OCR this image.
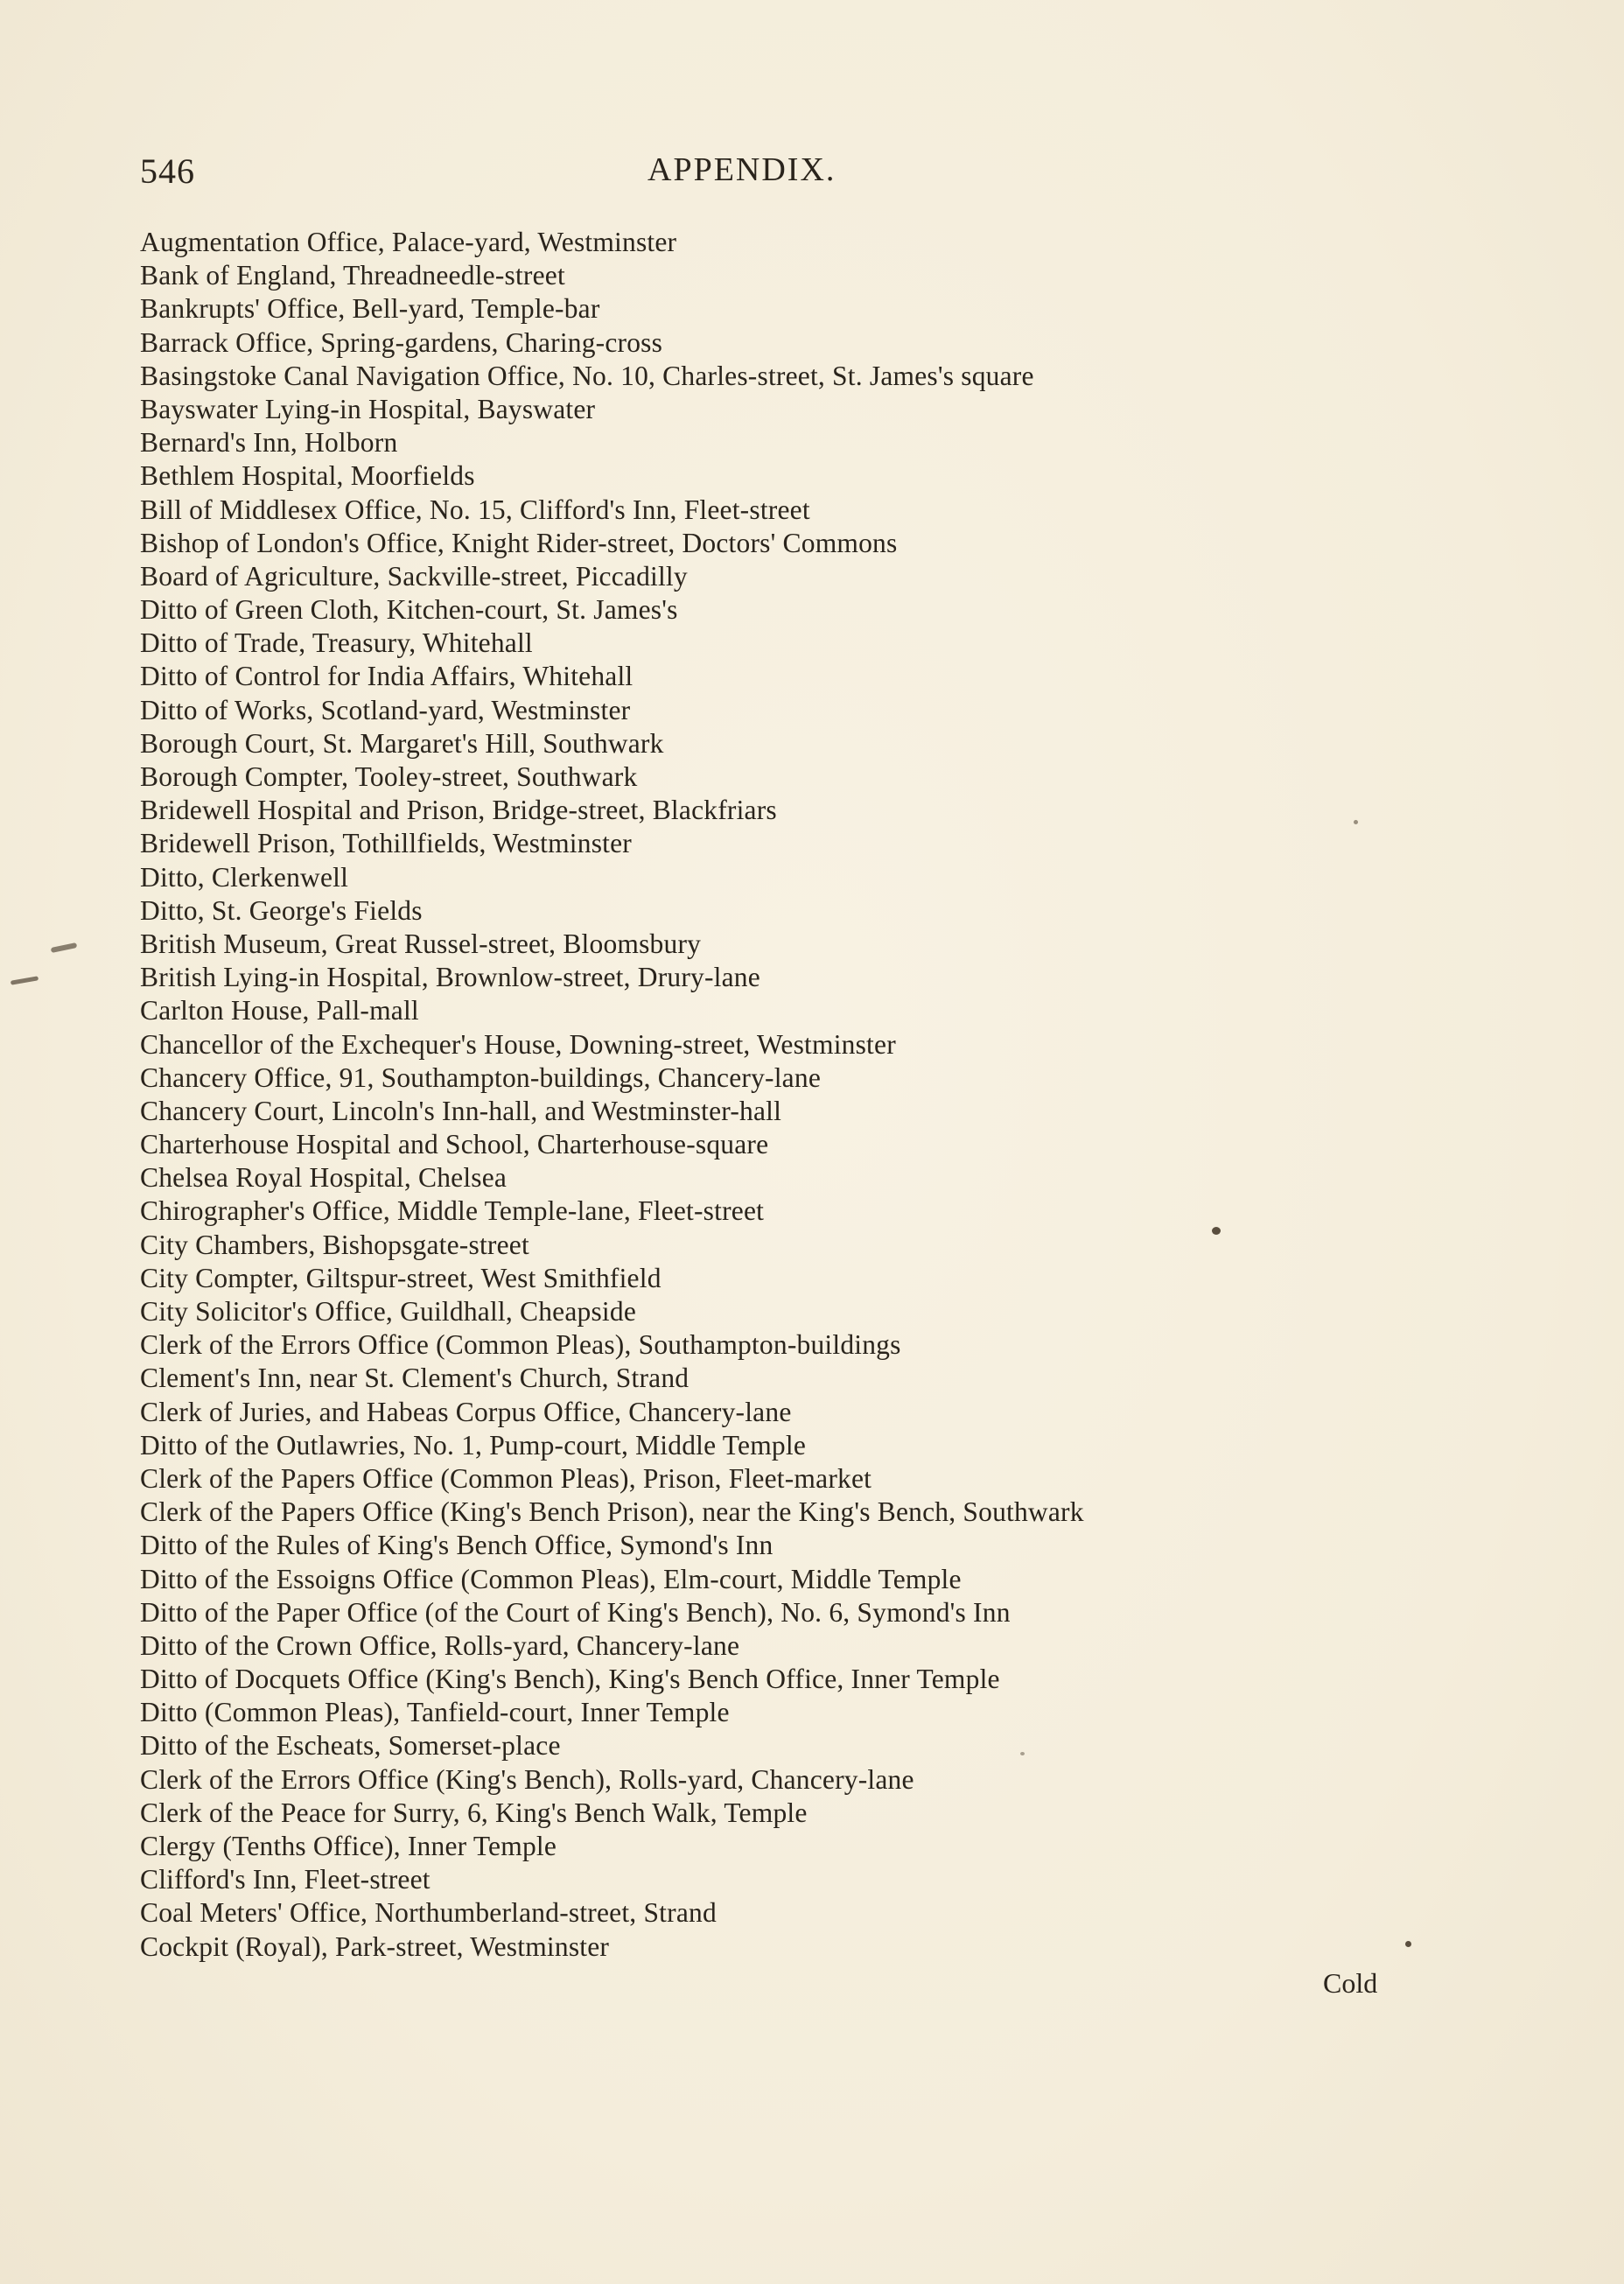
546	APPENDIX.
Augmentation Office, Palace-yard, Westminster
Bank of England, Threadneedle-street
Bankrupts' Office, Bell-yard, Temple-bar
Barrack Office, Spring-gardens, Charing-cross
Basingstoke Canal Navigation Office, No. 10, Charles-street, St. James's square
Bayswater Lying-in Hospital, Bayswater
Bernard's Inn, Holborn
Bethlem Hospital, Moorfields
Bill of Middlesex Office, No. 15, Clifford's Inn, Fleet-street
Bishop of London's Office, Knight Rider-street, Doctors' Commons
Board of Agriculture, Sackville-street, Piccadilly
Ditto of Green Cloth, Kitchen-court, St. James's
Ditto of Trade, Treasury, Whitehall
Ditto of Control for India Affairs, Whitehall
Ditto of Works, Scotland-yard, Westminster
Borough Court, St. Margaret's Hill, Southwark
Borough Compter, Tooley-street, Southwark
Bridewell Hospital and Prison, Bridge-street, Blackfriars
Bridewell Prison, Tothillfields, Westminster
Ditto, Clerkenwell
Ditto, St. George's Fields
British Museum, Great Russel-street, Bloomsbury
British Lying-in Hospital, Brownlow-street, Drury-lane
Carlton House, Pall-mall
Chancellor of the Exchequer's House, Downing-street, Westminster
Chancery Office, 91, Southampton-buildings, Chancery-lane
Chancery Court, Lincoln's Inn-hall, and Westminster-hall
Charterhouse Hospital and School, Charterhouse-square
Chelsea Royal Hospital, Chelsea
Chirographer's Office, Middle Temple-lane, Fleet-street
City Chambers, Bishopsgate-street
City Compter, Giltspur-street, West Smithfield
City Solicitor's Office, Guildhall, Cheapside
Clerk of the Errors Office (Common Pleas), Southampton-buildings
Clement's Inn, near St. Clement's Church, Strand
Clerk of Juries, and Habeas Corpus Office, Chancery-lane
Ditto of the Outlawries, No. 1, Pump-court, Middle Temple
Clerk of the Papers Office (Common Pleas), Prison, Fleet-market
Clerk of the Papers Office (King's Bench Prison), near the King's Bench, Southwark
Ditto of the Rules of King's Bench Office, Symond's Inn
Ditto of the Essoigns Office (Common Pleas), Elm-court, Middle Temple
Ditto of the Paper Office (of the Court of King's Bench), No. 6, Symond's Inn
Ditto of the Crown Office, Rolls-yard, Chancery-lane
Ditto of Docquets Office (King's Bench), King's Bench Office, Inner Temple
Ditto (Common Pleas), Tanfield-court, Inner Temple
Ditto of the Escheats, Somerset-place
Clerk of the Errors Office (King's Bench), Rolls-yard, Chancery-lane
Clerk of the Peace for Surry, 6, King's Bench Walk, Temple
Clergy (Tenths Office), Inner Temple
Clifford's Inn, Fleet-street
Coal Meters' Office, Northumberland-street, Strand
Cockpit (Royal), Park-street, Westminster
Cold
